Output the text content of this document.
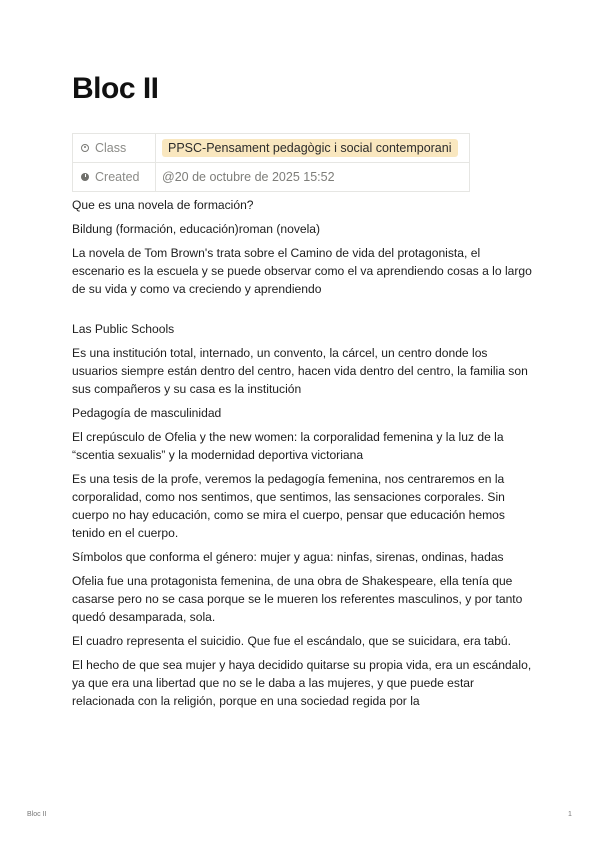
Bloc II
Class	PPSC-Pensament pedagògic i social contemporani
Created	@20 de octubre de 2025 15:52

Que es una novela de formación?

Bildung (formación, educación)roman (novela)

La novela de Tom Brown's trata sobre el Camino de vida del protagonista, el escenario es la escuela y se puede observar como el va aprendiendo cosas a lo largo de su vida y como va creciendo y aprendiendo

Las Public Schools

Es una institución total, internado, un convento, la cárcel, un centro donde los usuarios siempre están dentro del centro, hacen vida dentro del centro, la familia son sus compañeros y su casa es la institución

Pedagogía de masculinidad

El crepúsculo de Ofelia y the new women: la corporalidad femenina y la luz de la “scentia sexualis” y la modernidad deportiva victoriana

Es una tesis de la profe, veremos la pedagogía femenina, nos centraremos en la corporalidad, como nos sentimos, que sentimos, las sensaciones corporales. Sin cuerpo no hay educación, como se mira el cuerpo, pensar que educación hemos tenido en el cuerpo.

Símbolos que conforma el género: mujer y agua: ninfas, sirenas, ondinas, hadas

Ofelia fue una protagonista femenina, de una obra de Shakespeare, ella tenía que casarse pero no se casa porque se le mueren los referentes masculinos, y por tanto quedó desamparada, sola.

El cuadro representa el suicidio. Que fue el escándalo, que se suicidara, era tabú.

El hecho de que sea mujer y haya decidido quitarse su propia vida, era un escándalo, ya que era una libertad que no se le daba a las mujeres, y que puede estar relacionada con la religión, porque en una sociedad regida por la

Bloc II	1
